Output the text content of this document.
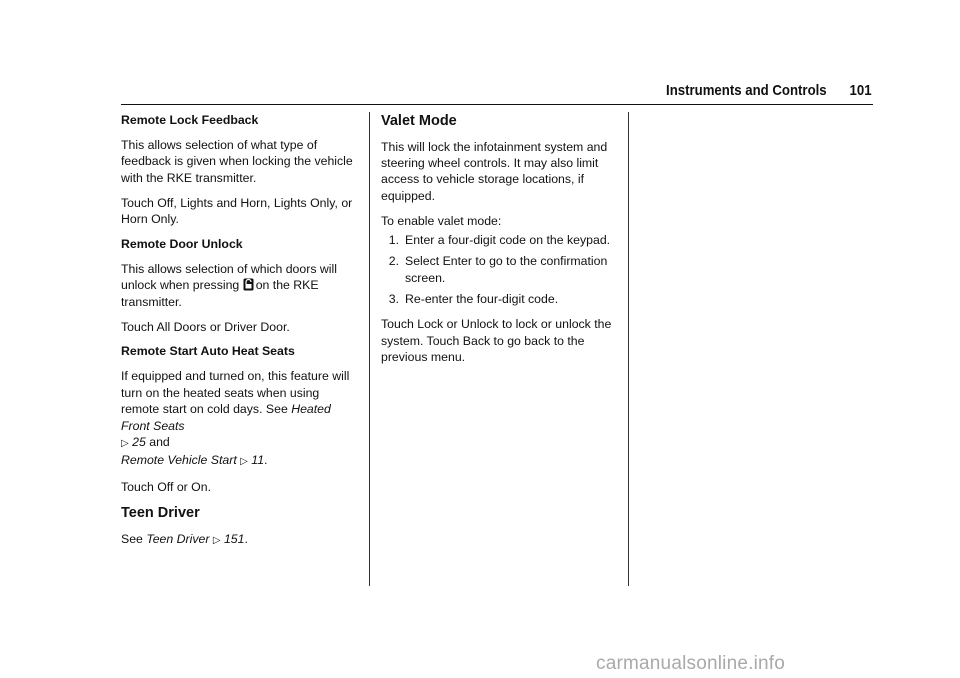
Instruments and Controls 101

Remote Lock Feedback

This allows selection of what type of feedback is given when locking the vehicle with the RKE transmitter.

Touch Off, Lights and Horn, Lights Only, or Horn Only.

Remote Door Unlock

This allows selection of which doors will unlock when pressing on the RKE transmitter.

Touch All Doors or Driver Door.

Remote Start Auto Heat Seats

If equipped and turned on, this feature will turn on the heated seats when using remote start on cold days. See Heated Front Seats
▷ 25 and
Remote Vehicle Start ▷ 11.

Touch Off or On.

Teen Driver

See Teen Driver ▷ 151.

Valet Mode

This will lock the infotainment system and steering wheel controls. It may also limit access to vehicle storage locations, if equipped.

To enable valet mode:

1. Enter a four-digit code on the keypad.
2. Select Enter to go to the confirmation screen.
3. Re-enter the four-digit code.

Touch Lock or Unlock to lock or unlock the system. Touch Back to go back to the previous menu.

carmanualsonline.info
